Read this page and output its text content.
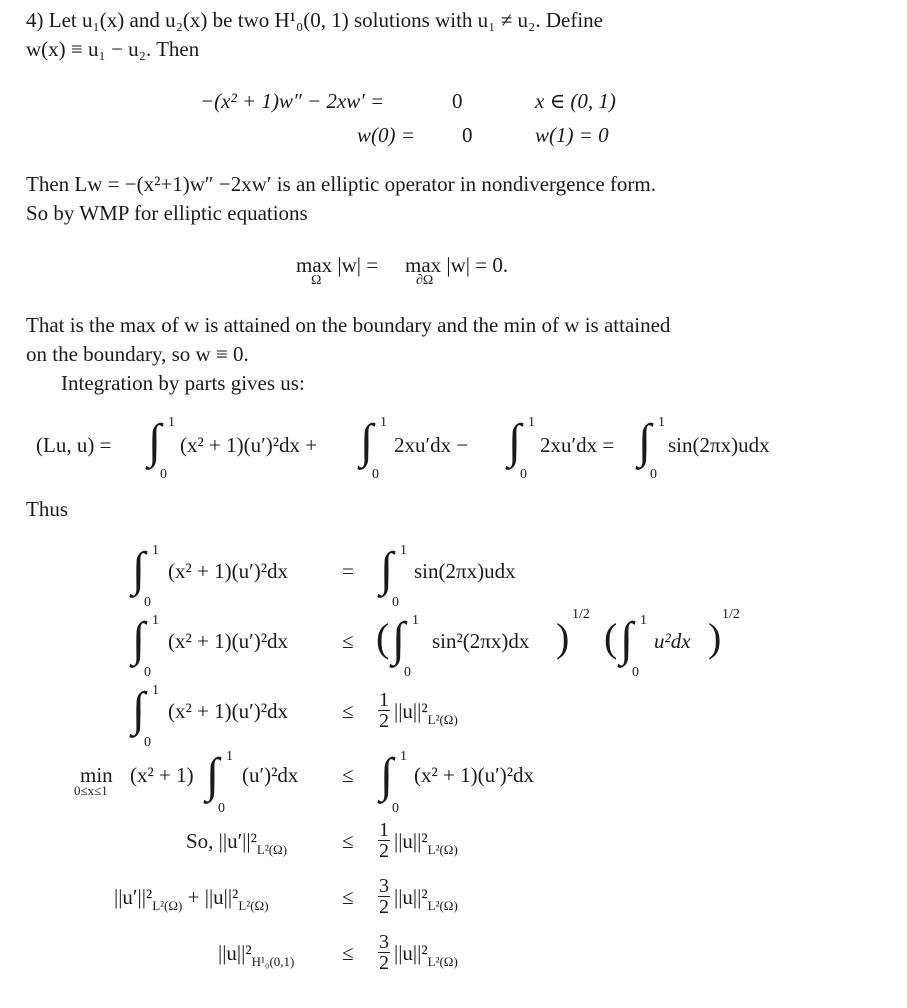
4) Let u₁(x) and u₂(x) be two H¹₀(0, 1) solutions with u₁ ≠ u₂. Define
w(x) ≡ u₁ − u₂. Then
−(x² + 1)w″ − 2xw′ =	0	x ∈ (0, 1)
w(0) = 0	w(1) = 0
Then Lw = −(x²+1)w″ −2xw′ is an elliptic operator in nondivergence form.
So by WMP for elliptic equations
max |w| =
Ω
max |w| = 0.
∂Ω
That is the max of w is attained on the boundary and the min of w is attained
on the boundary, so w ≡ 0.
Integration by parts gives us:
(Lu, u) = ∫ 1
0
(x² + 1)(u′)²dx + ∫ 1
0
2xu′dx − ∫ 1
0
2xu′dx = ∫ 1
0
sin(2πx)udx
Thus
∫ 1
0
(x² + 1)(u′)²dx	= ∫ 1
0
sin(2πx)udx
∫ 1
0
(x² + 1)(u′)²dx	≤ ( ∫ 1
0
sin²(2πx)dx )
1/2
( ∫ 1
0
u²dx )
1/2
∫ 1
0
(x² + 1)(u′)²dx	≤ $\frac{1}{2} ||u||^2_{L^2(\Omega)}$
min
0≤x≤1
(x² + 1) ∫ 1
0
(u′)²dx ≤ ∫ 1
0
(x² + 1)(u′)²dx
So, $||u'||^2_{L^2(\Omega)}$	≤ $\frac{1}{2} ||u||^2_{L^2(\Omega)}$
$||u'||^2_{L^2(\Omega)} + ||u||^2_{L^2(\Omega)}$	≤ $\frac{3}{2} ||u||^2_{L^2(\Omega)}$
$||u||^2_{H^1_0(0,1)} \le \frac{3}{2} ||u||^2_{L^2(\Omega)}$
